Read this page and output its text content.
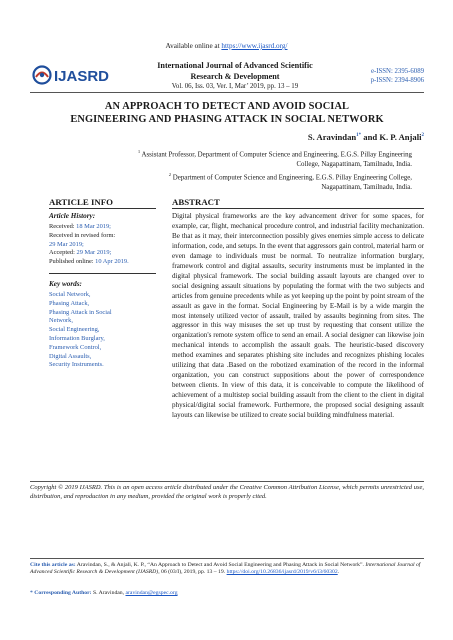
Available online at https://www.ijasrd.org/
IJASRD
International Journal of Advanced Scientific
Research & Development
Vol. 06, Iss. 03, Ver. I, Mar’ 2019, pp. 13 – 19
e-ISSN: 2395-6089
p-ISSN: 2394-8906
AN APPROACH TO DETECT AND AVOID SOCIAL
ENGINEERING AND PHASING ATTACK IN SOCIAL NETWORK
S. Aravindan$^{1*}$ and K. P. Anjali$^2$
$^1$ Assistant Professor, Department of Computer Science and Engineering, E.G.S. Pillay Engineering
College, Nagapattinam, Tamilnadu, India.
$^2$ Department of Computer Science and Engineering, E.G.S. Pillay Engineering College,
Nagapattinam, Tamilnadu, India.
ARTICLE INFO	ABSTRACT
Article History:
Received: 18 Mar 2019;
Received in revised form:
29 Mar 2019;
Accepted: 29 Mar 2019;
Published online: 10 Apr 2019.
Key words:
Social Network,
Phasing Attack,
Phasing Attack in Social
Network,
Social Engineering,
Information Burglary,
Framework Control,
Digital Assaults,
Security Instruments.
Digital physical frameworks are the key advancement driver for some spaces, for example, car, flight, mechanical procedure control, and industrial facility mechanization. Be that as it may, their interconnection possibly gives enemies simple access to delicate information, code, and setups. In the event that aggressors gain control, material harm or even damage to individuals must be normal. To neutralize information burglary, framework control and digital assaults, security instruments must be implanted in the digital physical framework. The social building assault layouts are changed over to social designing assault situations by populating the format with the two subjects and articles from genuine precedents while as yet keeping up the point by point stream of the assault as gave in the format. Social Engineering by E-Mail is by a wide margin the most intensely utilized vector of assault, trailed by assaults beginning from sites. The aggressor in this way misuses the set up trust by requesting that consent utilize the organization's remote system office to send an email. A social designer can likewise join mechanical intends to accomplish the assault goals. The heuristic-based discovery method examines and separates phishing site includes and recognizes phishing locales utilizing that data .Based on the robotized examination of the record in the informal organization, you can construct suppositions about the power of correspondence between clients. In view of this data, it is conceivable to compute the likelihood of achievement of a multistep social building assault from the client to the client in digital physical/digital social framework. Furthermore, the proposed social designing assault layouts can likewise be utilized to create social building mindfulness material.
Copyright © 2019 IJASRD. This is an open access article distributed under the Creative Common Attribution License, which permits unrestricted use, distribution, and reproduction in any medium, provided the original work is properly cited.
Cite this article as: Aravindan, S., & Anjali, K. P., “An Approach to Detect and Avoid Social Engineering and Phasing Attack in Social Network”. International Journal of Advanced Scientific Research & Development (IJASRD), 06 (03/I), 2019, pp. 13 – 19. https://doi.org/10.26836/ijasrd/2019/v6/i3/60302.
* Corresponding Author: S. Aravindan, aravindan@egspec.org
